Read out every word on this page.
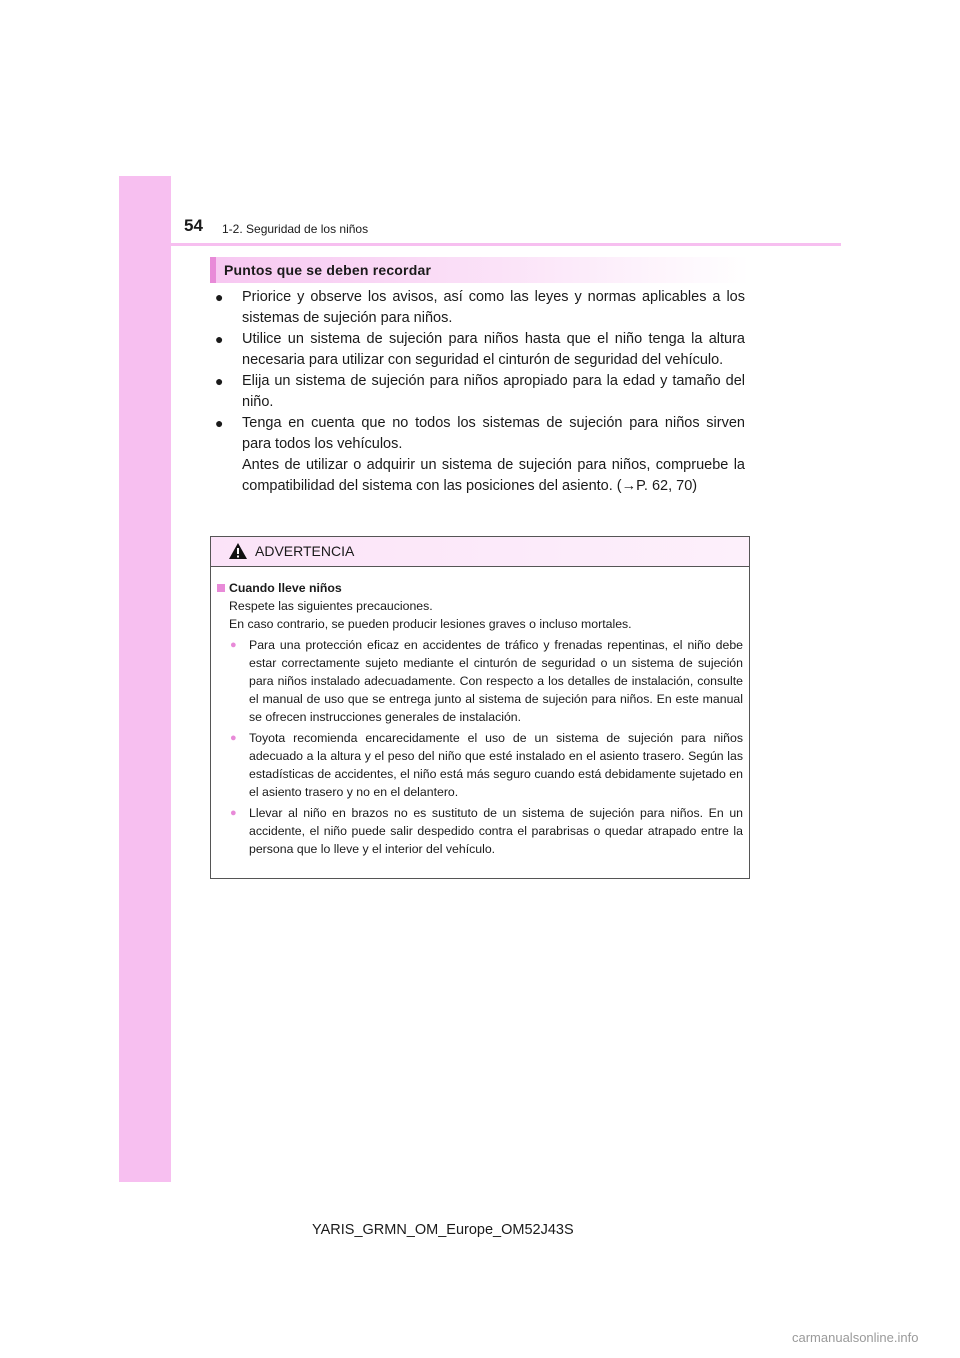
54 1-2. Seguridad de los niños
Puntos que se deben recordar
● Priorice y observe los avisos, así como las leyes y normas aplicables a los sistemas de sujeción para niños.

● Utilice un sistema de sujeción para niños hasta que el niño tenga la altura necesaria para utilizar con seguridad el cinturón de seguridad del vehículo.

● Elija un sistema de sujeción para niños apropiado para la edad y tamaño del niño.

● Tenga en cuenta que no todos los sistemas de sujeción para niños sirven para todos los vehículos.

Antes de utilizar o adquirir un sistema de sujeción para niños, compruebe la compatibilidad del sistema con las posiciones del asiento. (→P. 62, 70)

ADVERTENCIA
Cuando lleve niños
Respete las siguientes precauciones.
En caso contrario, se pueden producir lesiones graves o incluso mortales.
● Para una protección eficaz en accidentes de tráfico y frenadas repentinas, el niño debe estar correctamente sujeto mediante el cinturón de seguridad o un sistema de sujeción para niños instalado adecuadamente. Con respecto a los detalles de instalación, consulte el manual de uso que se entrega junto al sistema de sujeción para niños. En este manual se ofrecen instrucciones generales de instalación.
● Toyota recomienda encarecidamente el uso de un sistema de sujeción para niños adecuado a la altura y el peso del niño que esté instalado en el asiento trasero. Según las estadísticas de accidentes, el niño está más seguro cuando está debidamente sujetado en el asiento trasero y no en el delantero.
● Llevar al niño en brazos no es sustituto de un sistema de sujeción para niños. En un accidente, el niño puede salir despedido contra el parabrisas o quedar atrapado entre la persona que lo lleve y el interior del vehículo.
YARIS_GRMN_OM_Europe_OM52J43S
carmanualsonline.info
